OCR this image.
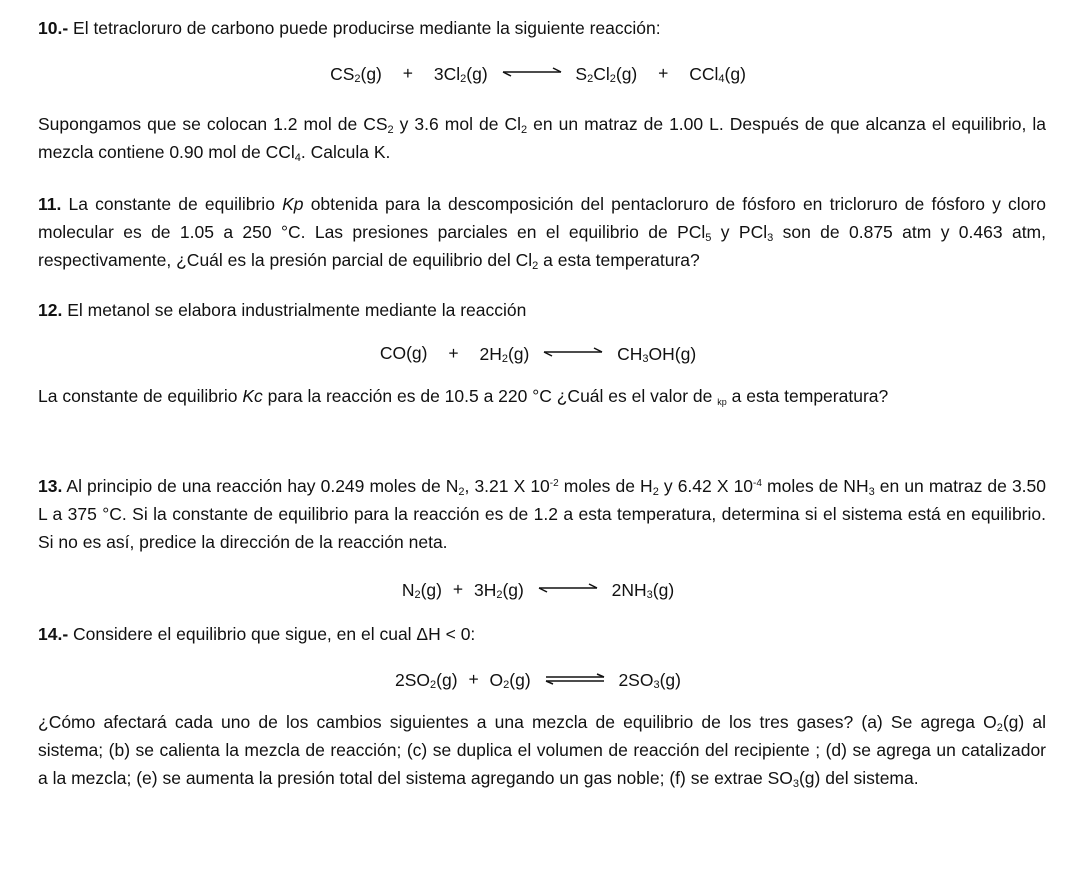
10.- El tetracloruro de carbono puede producirse mediante la siguiente reacción:

$CS_2(g) + 3Cl_2(g)$	$S_2Cl_2(g) + CCl_4(g)$

Supongamos que se colocan 1.2 mol de $CS_2$ y 3.6 mol de $Cl_2$ en un matraz de 1.00 L. Después de que alcanza el equilibrio, la mezcla contiene 0.90 mol de CCl$_4$. Calcula K.

11. La constante de equilibrio Kp obtenida para la descomposición del pentacloruro de fósforo en tricloruro de fósforo y cloro molecular es de 1.05 a 250 °C. Las presiones parciales en el equilibrio de PCl$_5$ y PCl$_3$ son de 0.875 atm y 0.463 atm, respectivamente, ¿Cuál es la presión parcial de equilibrio del $Cl_2$ a esta temperatura?

12. El metanol se elabora industrialmente mediante la reacción

$CO(g) + 2H_2(g)$	$CH_3OH(g)$

La constante de equilibrio Kc para la reacción es de 10.5 a 220 °C ¿Cuál es el valor de kp a esta temperatura?

13. Al principio de una reacción hay 0.249 moles de $N_2$, 3.21 X $10^{-2}$ moles de $H_2$ y 6.42 X $10^{-4}$ moles de $NH_3$ en un matraz de 3.50 L a 375 °C. Si la constante de equilibrio para la reacción es de 1.2 a esta temperatura, determina si el sistema está en equilibrio. Si no es así, predice la dirección de la reacción neta.

$N_2(g) + 3H_2(g)$	$2NH_3(g)$

14.- Considere el equilibrio que sigue, en el cual ΔH < 0:

$2SO_2(g) + O_2(g)$ ⇌ $2SO_3(g)$

¿Cómo afectará cada uno de los cambios siguientes a una mezcla de equilibrio de los tres gases? (a) Se agrega $O_2(g)$ al sistema; (b) se calienta la mezcla de reacción; (c) se duplica el volumen de reacción del recipiente ; (d) se agrega un catalizador a la mezcla; (e) se aumenta la presión total del sistema agregando un gas noble; (f) se extrae $SO_3(g)$ del sistema.
